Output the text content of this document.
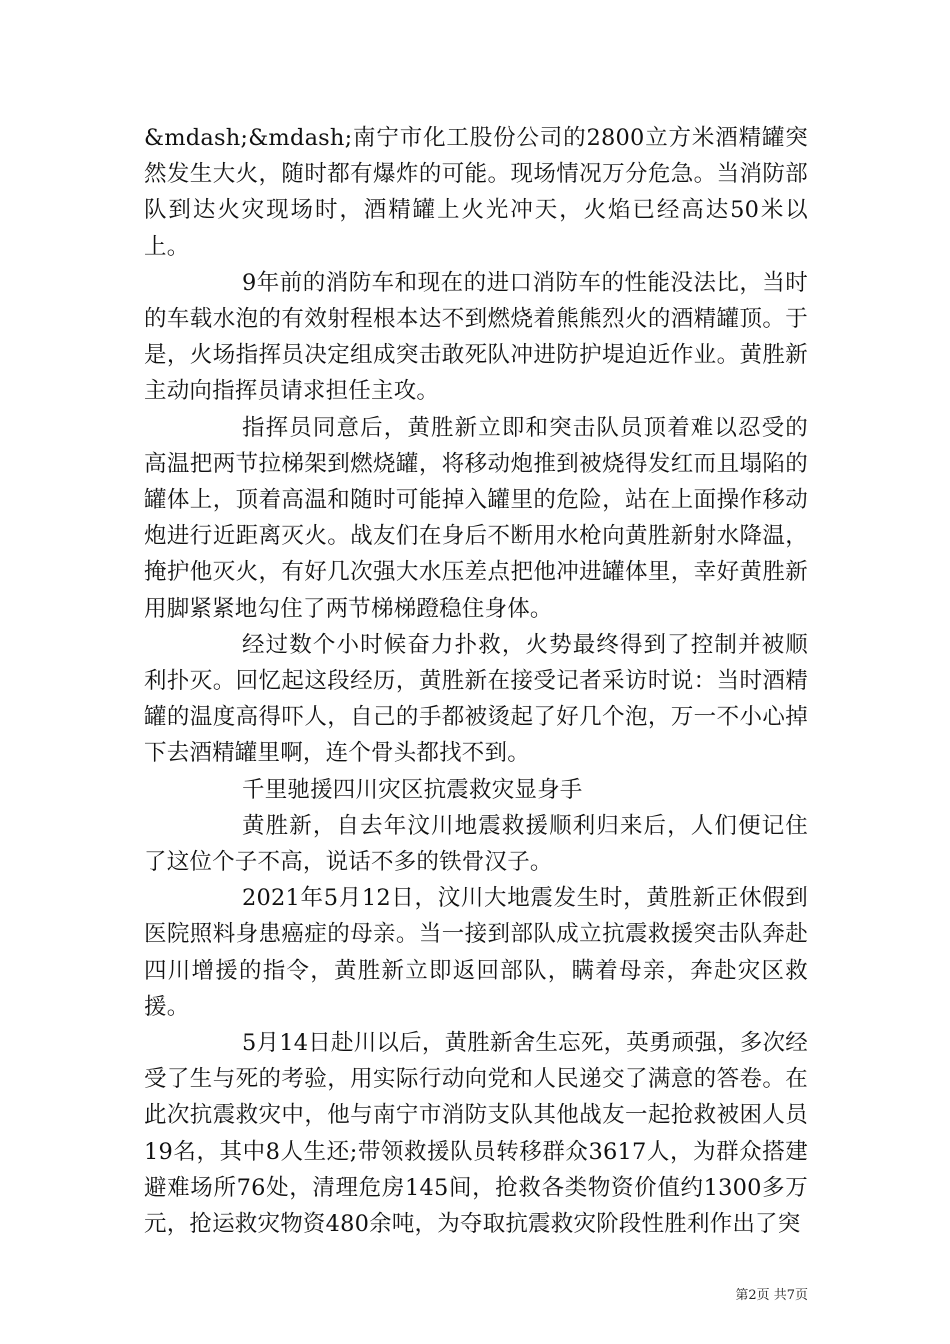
&mdash;&mdash;南宁市化工股份公司的2800立方米酒精罐突然发生大火，随时都有爆炸的可能。现场情况万分危急。当消防部队到达火灾现场时，酒精罐上火光冲天，火焰已经高达50米以上。

9年前的消防车和现在的进口消防车的性能没法比，当时的车载水泡的有效射程根本达不到燃烧着熊熊烈火的酒精罐顶。于是，火场指挥员决定组成突击敢死队冲进防护堤迫近作业。黄胜新主动向指挥员请求担任主攻。

指挥员同意后，黄胜新立即和突击队员顶着难以忍受的高温把两节拉梯架到燃烧罐，将移动炮推到被烧得发红而且塌陷的罐体上，顶着高温和随时可能掉入罐里的危险，站在上面操作移动炮进行近距离灭火。战友们在身后不断用水枪向黄胜新射水降温，掩护他灭火，有好几次强大水压差点把他冲进罐体里，幸好黄胜新用脚紧紧地勾住了两节梯梯蹬稳住身体。

经过数个小时候奋力扑救，火势最终得到了控制并被顺利扑灭。回忆起这段经历，黄胜新在接受记者采访时说：当时酒精罐的温度高得吓人，自己的手都被烫起了好几个泡，万一不小心掉下去酒精罐里啊，连个骨头都找不到。

千里驰援四川灾区抗震救灾显身手

黄胜新，自去年汶川地震救援顺利归来后，人们便记住了这位个子不高，说话不多的铁骨汉子。

2021年5月12日，汶川大地震发生时，黄胜新正休假到医院照料身患癌症的母亲。当一接到部队成立抗震救援突击队奔赴四川增援的指令，黄胜新立即返回部队，瞒着母亲，奔赴灾区救援。

5月14日赴川以后，黄胜新舍生忘死，英勇顽强，多次经受了生与死的考验，用实际行动向党和人民递交了满意的答卷。在此次抗震救灾中，他与南宁市消防支队其他战友一起抢救被困人员19名，其中8人生还;带领救援队员转移群众3617人，为群众搭建避难场所76处，清理危房145间，抢救各类物资价值约1300多万元，抢运救灾物资480余吨，为夺取抗震救灾阶段性胜利作出了突

第2页 共7页
